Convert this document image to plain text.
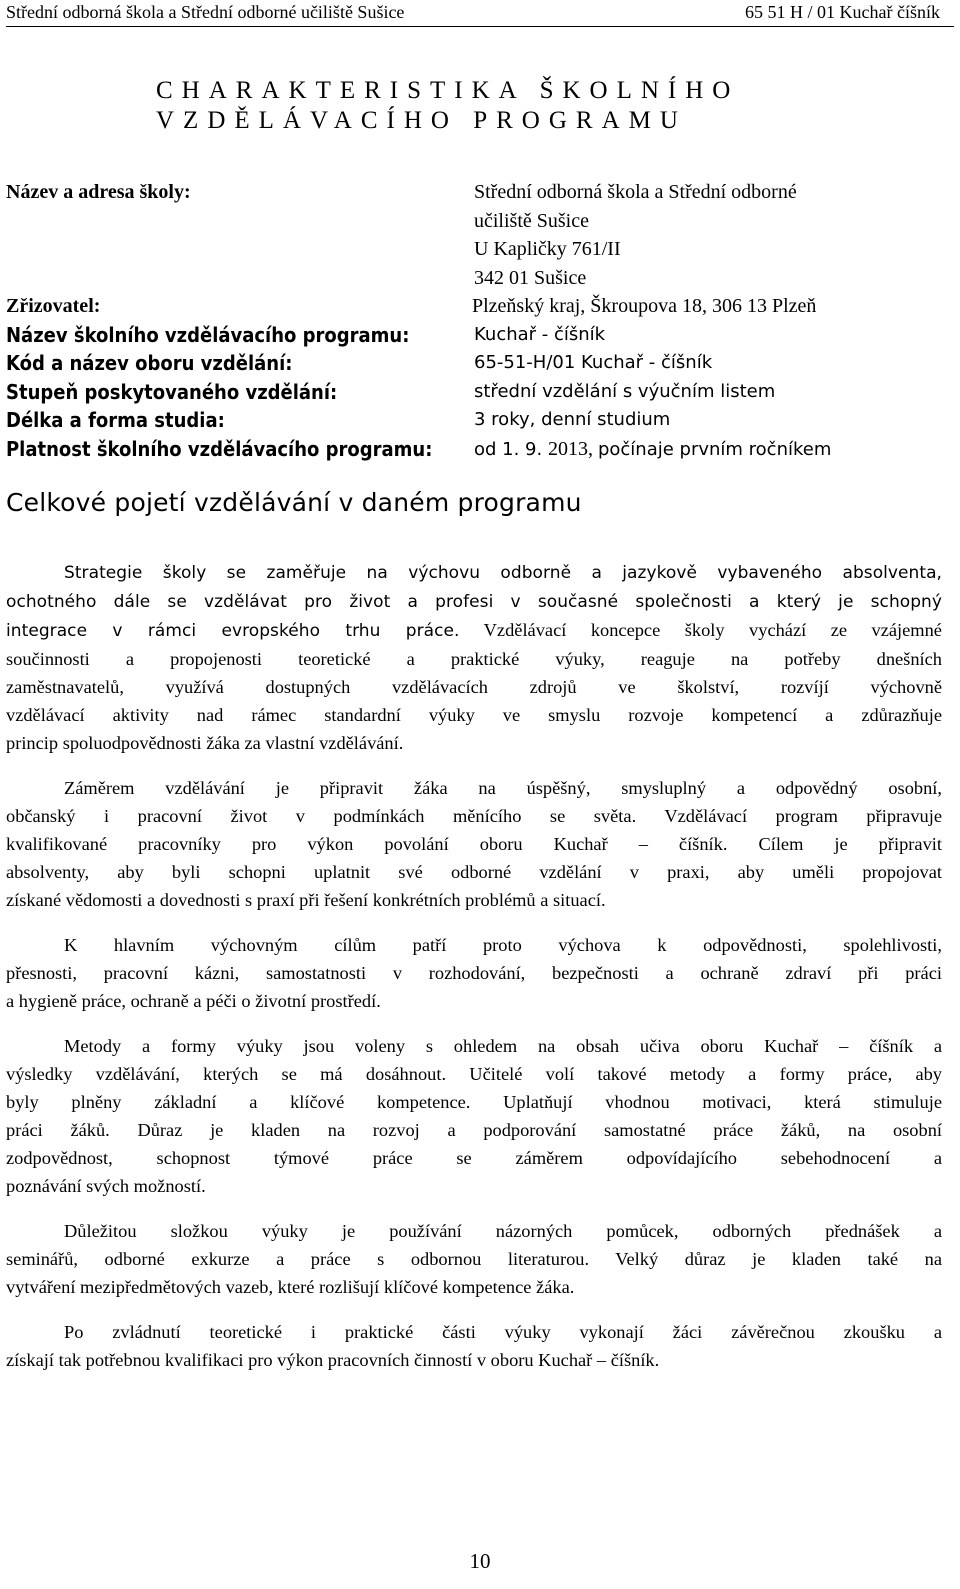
Střední odborná škola a Střední odborné učiliště Sušice	65 51 H / 01 Kuchař číšník
CHARAKTERISTIKA ŠKOLNÍHO
VZDĚLÁVACÍHO PROGRAMU
Název a adresa školy:	Střední odborná škola a Střední odborné
učiliště Sušice
U Kapličky 761/II
342 01 Sušice
Zřizovatel:	Plzeňský kraj, Škroupova 18, 306 13 Plzeň
Název školního vzdělávacího programu:	Kuchař - číšník
Kód a název oboru vzdělání:	65-51-H/01 Kuchař - číšník
Stupeň poskytovaného vzdělání:	střední vzdělání s výučním listem
Délka a forma studia:	3 roky, denní studium
Platnost školního vzdělávacího programu: od 1. 9. 2013, počínaje prvním ročníkem
Celkové pojetí vzdělávání v daném programu

Strategie školy se zaměřuje na výchovu odborně a jazykově vybaveného absolventa,
ochotného dále se vzdělávat pro život a profesi v současné společnosti a který je schopný
integrace v rámci evropského trhu práce. Vzdělávací koncepce školy vychází ze vzájemné
součinnosti a propojenosti teoretické a praktické výuky, reaguje na potřeby dnešních
zaměstnavatelů, využívá dostupných vzdělávacích zdrojů ve školství, rozvíjí výchovně
vzdělávací aktivity nad rámec standardní výuky ve smyslu rozvoje kompetencí a zdůrazňuje
princip spoluodpovědnosti žáka za vlastní vzdělávání.

Záměrem vzdělávání je připravit žáka na úspěšný, smysluplný a odpovědný osobní,
občanský i pracovní život v podmínkách měnícího se světa. Vzdělávací program připravuje
kvalifikované pracovníky pro výkon povolání oboru Kuchař – číšník. Cílem je připravit
absolventy, aby byli schopni uplatnit své odborné vzdělání v praxi, aby uměli propojovat
získané vědomosti a dovednosti s praxí při řešení konkrétních problémů a situací.

K hlavním výchovným cílům patří proto výchova k odpovědnosti, spolehlivosti,
přesnosti, pracovní kázni, samostatnosti v rozhodování, bezpečnosti a ochraně zdraví při práci
a hygieně práce, ochraně a péči o životní prostředí.

Metody a formy výuky jsou voleny s ohledem na obsah učiva oboru Kuchař – číšník a
výsledky vzdělávání, kterých se má dosáhnout. Učitelé volí takové metody a formy práce, aby
byly plněny základní a klíčové kompetence. Uplatňují vhodnou motivaci, která stimuluje
práci žáků. Důraz je kladen na rozvoj a podporování samostatné práce žáků, na osobní
zodpovědnost, schopnost týmové práce se záměrem odpovídajícího sebehodnocení a
poznávání svých možností.

Důležitou složkou výuky je používání názorných pomůcek, odborných přednášek a
seminářů, odborné exkurze a práce s odbornou literaturou. Velký důraz je kladen také na
vytváření mezipředmětových vazeb, které rozlišují klíčové kompetence žáka.

Po zvládnutí teoretické i praktické části výuky vykonají žáci závěrečnou zkoušku a
získají tak potřebnou kvalifikaci pro výkon pracovních činností v oboru Kuchař – číšník.

10
